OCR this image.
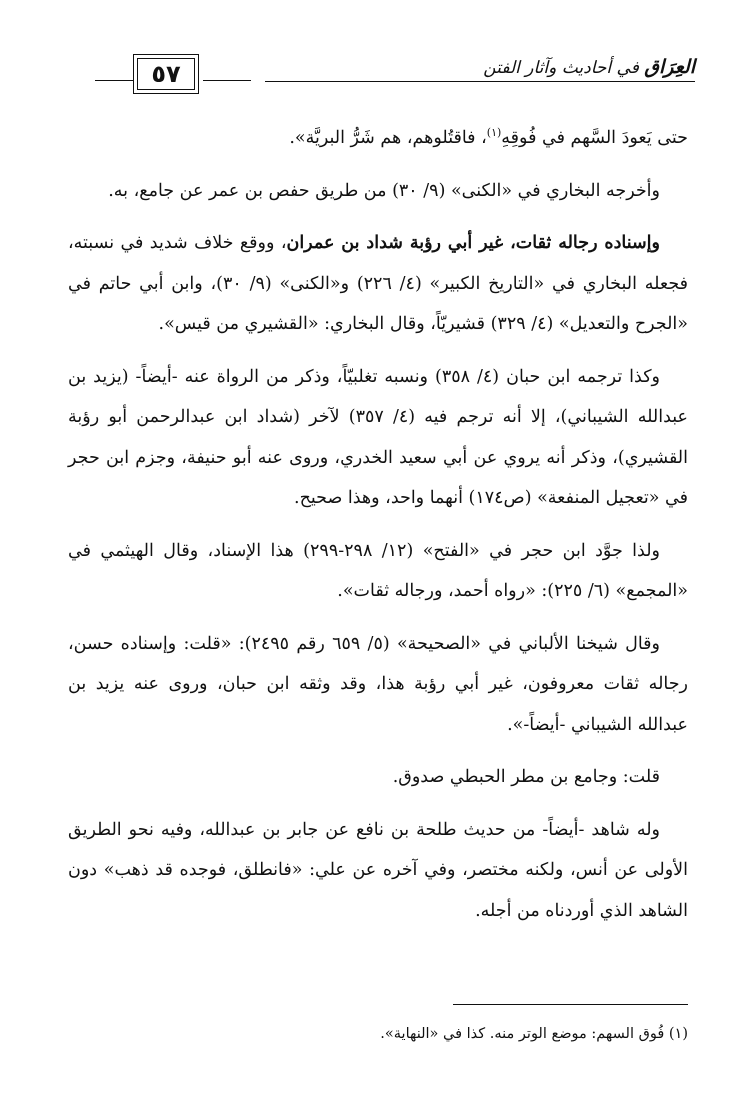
٥٧	العِرَاق في أحاديث وآثار الفتن

حتى يَعودَ السَّهم في فُوقِهِ$^{(١)}$، فاقتُلوهم، هم شَرُّ البريَّة».

وأخرجه البخاري في «الكنى» (٩/ ٣٠) من طريق حفص بن عمر عن جامع، به.

وإسناده رجاله ثقات، غير أبي رؤبة شداد بن عمران، ووقع خلاف شديد في نسبته، فجعله البخاري في «التاريخ الكبير» (٤/ ٢٢٦) و«الكنى» (٩/ ٣٠)، وابن أبي حاتم في «الجرح والتعديل» (٤/ ٣٢٩) قشيريّاً، وقال البخاري: «القشيري من قيس».

وكذا ترجمه ابن حبان (٤/ ٣٥٨) ونسبه تغلبيّاً، وذكر من الرواة عنه -أيضاً- (يزيد بن عبدالله الشيباني)، إلا أنه ترجم فيه (٤/ ٣٥٧) لآخر (شداد ابن عبدالرحمن أبو رؤبة القشيري)، وذكر أنه يروي عن أبي سعيد الخدري، وروى عنه أبو حنيفة، وجزم ابن حجر في «تعجيل المنفعة» (ص١٧٤) أنهما واحد، وهذا صحيح.

ولذا جوَّد ابن حجر في «الفتح» (١٢/ ٢٩٨-٢٩٩) هذا الإسناد، وقال الهيثمي في «المجمع» (٦/ ٢٢٥): «رواه أحمد، ورجاله ثقات».

وقال شيخنا الألباني في «الصحيحة» (٥/ ٦٥٩ رقم ٢٤٩٥): «قلت: وإسناده حسن، رجاله ثقات معروفون، غير أبي رؤبة هذا، وقد وثقه ابن حبان، وروى عنه يزيد بن عبدالله الشيباني -أيضاً-».

قلت: وجامع بن مطر الحبطي صدوق.

وله شاهد -أيضاً- من حديث طلحة بن نافع عن جابر بن عبدالله، وفيه نحو الطريق الأولى عن أنس، ولكنه مختصر، وفي آخره عن علي: «فانطلق، فوجده قد ذهب» دون الشاهد الذي أوردناه من أجله.

(١) فُوق السهم: موضع الوتر منه. كذا في «النهاية».
